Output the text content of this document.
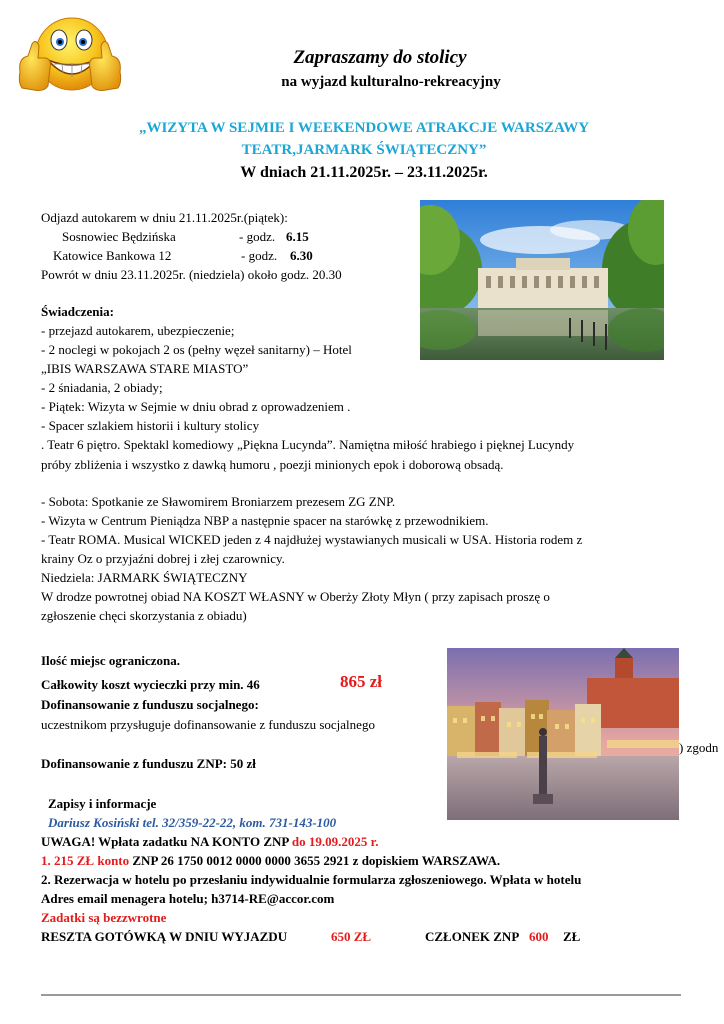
Zapraszamy do stolicy
na wyjazd kulturalno-rekreacyjny
„WIZYTA W SEJMIE I WEEKENDOWE ATRAKCJE WARSZAWY
TEATR,JARMARK ŚWIĄTECZNY”
W dniach 21.11.2025r. – 23.11.2025r.
Odjazd autokarem w dniu 21.11.2025r.(piątek):
Sosnowiec Będzińska	- godz. 6.15
Katowice Bankowa 12	- godz. 6.30
Powrót w dniu 23.11.2025r. (niedziela) około godz. 20.30
Świadczenia:
- przejazd autokarem, ubezpieczenie;
- 2 noclegi w pokojach 2 os (pełny węzeł sanitarny) – Hotel
„IBIS WARSZAWA STARE MIASTO”
- 2 śniadania, 2 obiady;
- Piątek: Wizyta w Sejmie w dniu obrad z oprowadzeniem .
- Spacer szlakiem historii i kultury stolicy
. Teatr 6 piętro. Spektakl komediowy „Piękna Lucynda”. Namiętna miłość hrabiego i pięknej Lucyndy
próby zbliżenia i wszystko z dawką humoru , poezji minionych epok i doborową obsadą.
- Sobota: Spotkanie ze Sławomirem Broniarzem prezesem ZG ZNP.
- Wizyta w Centrum Pieniądza NBP a następnie spacer na starówkę z przewodnikiem.
- Teatr ROMA. Musical WICKED jeden z 4 najdłużej wystawianych musicali w USA. Historia rodem z
krainy Oz o przyjaźni dobrej i złej czarownicy.
Niedziela: JARMARK ŚWIĄTECZNY
W drodze powrotnej obiad NA KOSZT WŁASNY w Oberży Złoty Młyn ( przy zapisach proszę o
zgłoszenie chęci skorzystania z obiadu)
Ilość miejsc ograniczona.
Całkowity koszt wycieczki przy min. 46	865 zł
Dofinansowanie z funduszu socjalnego:
uczestnikom przysługuje dofinansowanie z funduszu socjalnego
) zgodn
Dofinansowanie z funduszu ZNP: 50 zł
Zapisy i informacje
Dariusz Kosiński tel. 32/359-22-22, kom. 731-143-100
UWAGA! Wpłata zadatku NA KONTO ZNP do 19.09.2025 r.
1. 215 ZŁ konto ZNP 26 1750 0012 0000 0000 3655 2921 z dopiskiem WARSZAWA.
2. Rezerwacja w hotelu po przesłaniu indywidualnie formularza zgłoszeniowego. Wpłata w hotelu
Adres email menagera hotelu; h3714-RE@accor.com
Zadatki są bezzwrotne
RESZTA GOTÓWKĄ W DNIU WYJAZDU	650 ZŁ	CZŁONEK ZNP 600 ZŁ
